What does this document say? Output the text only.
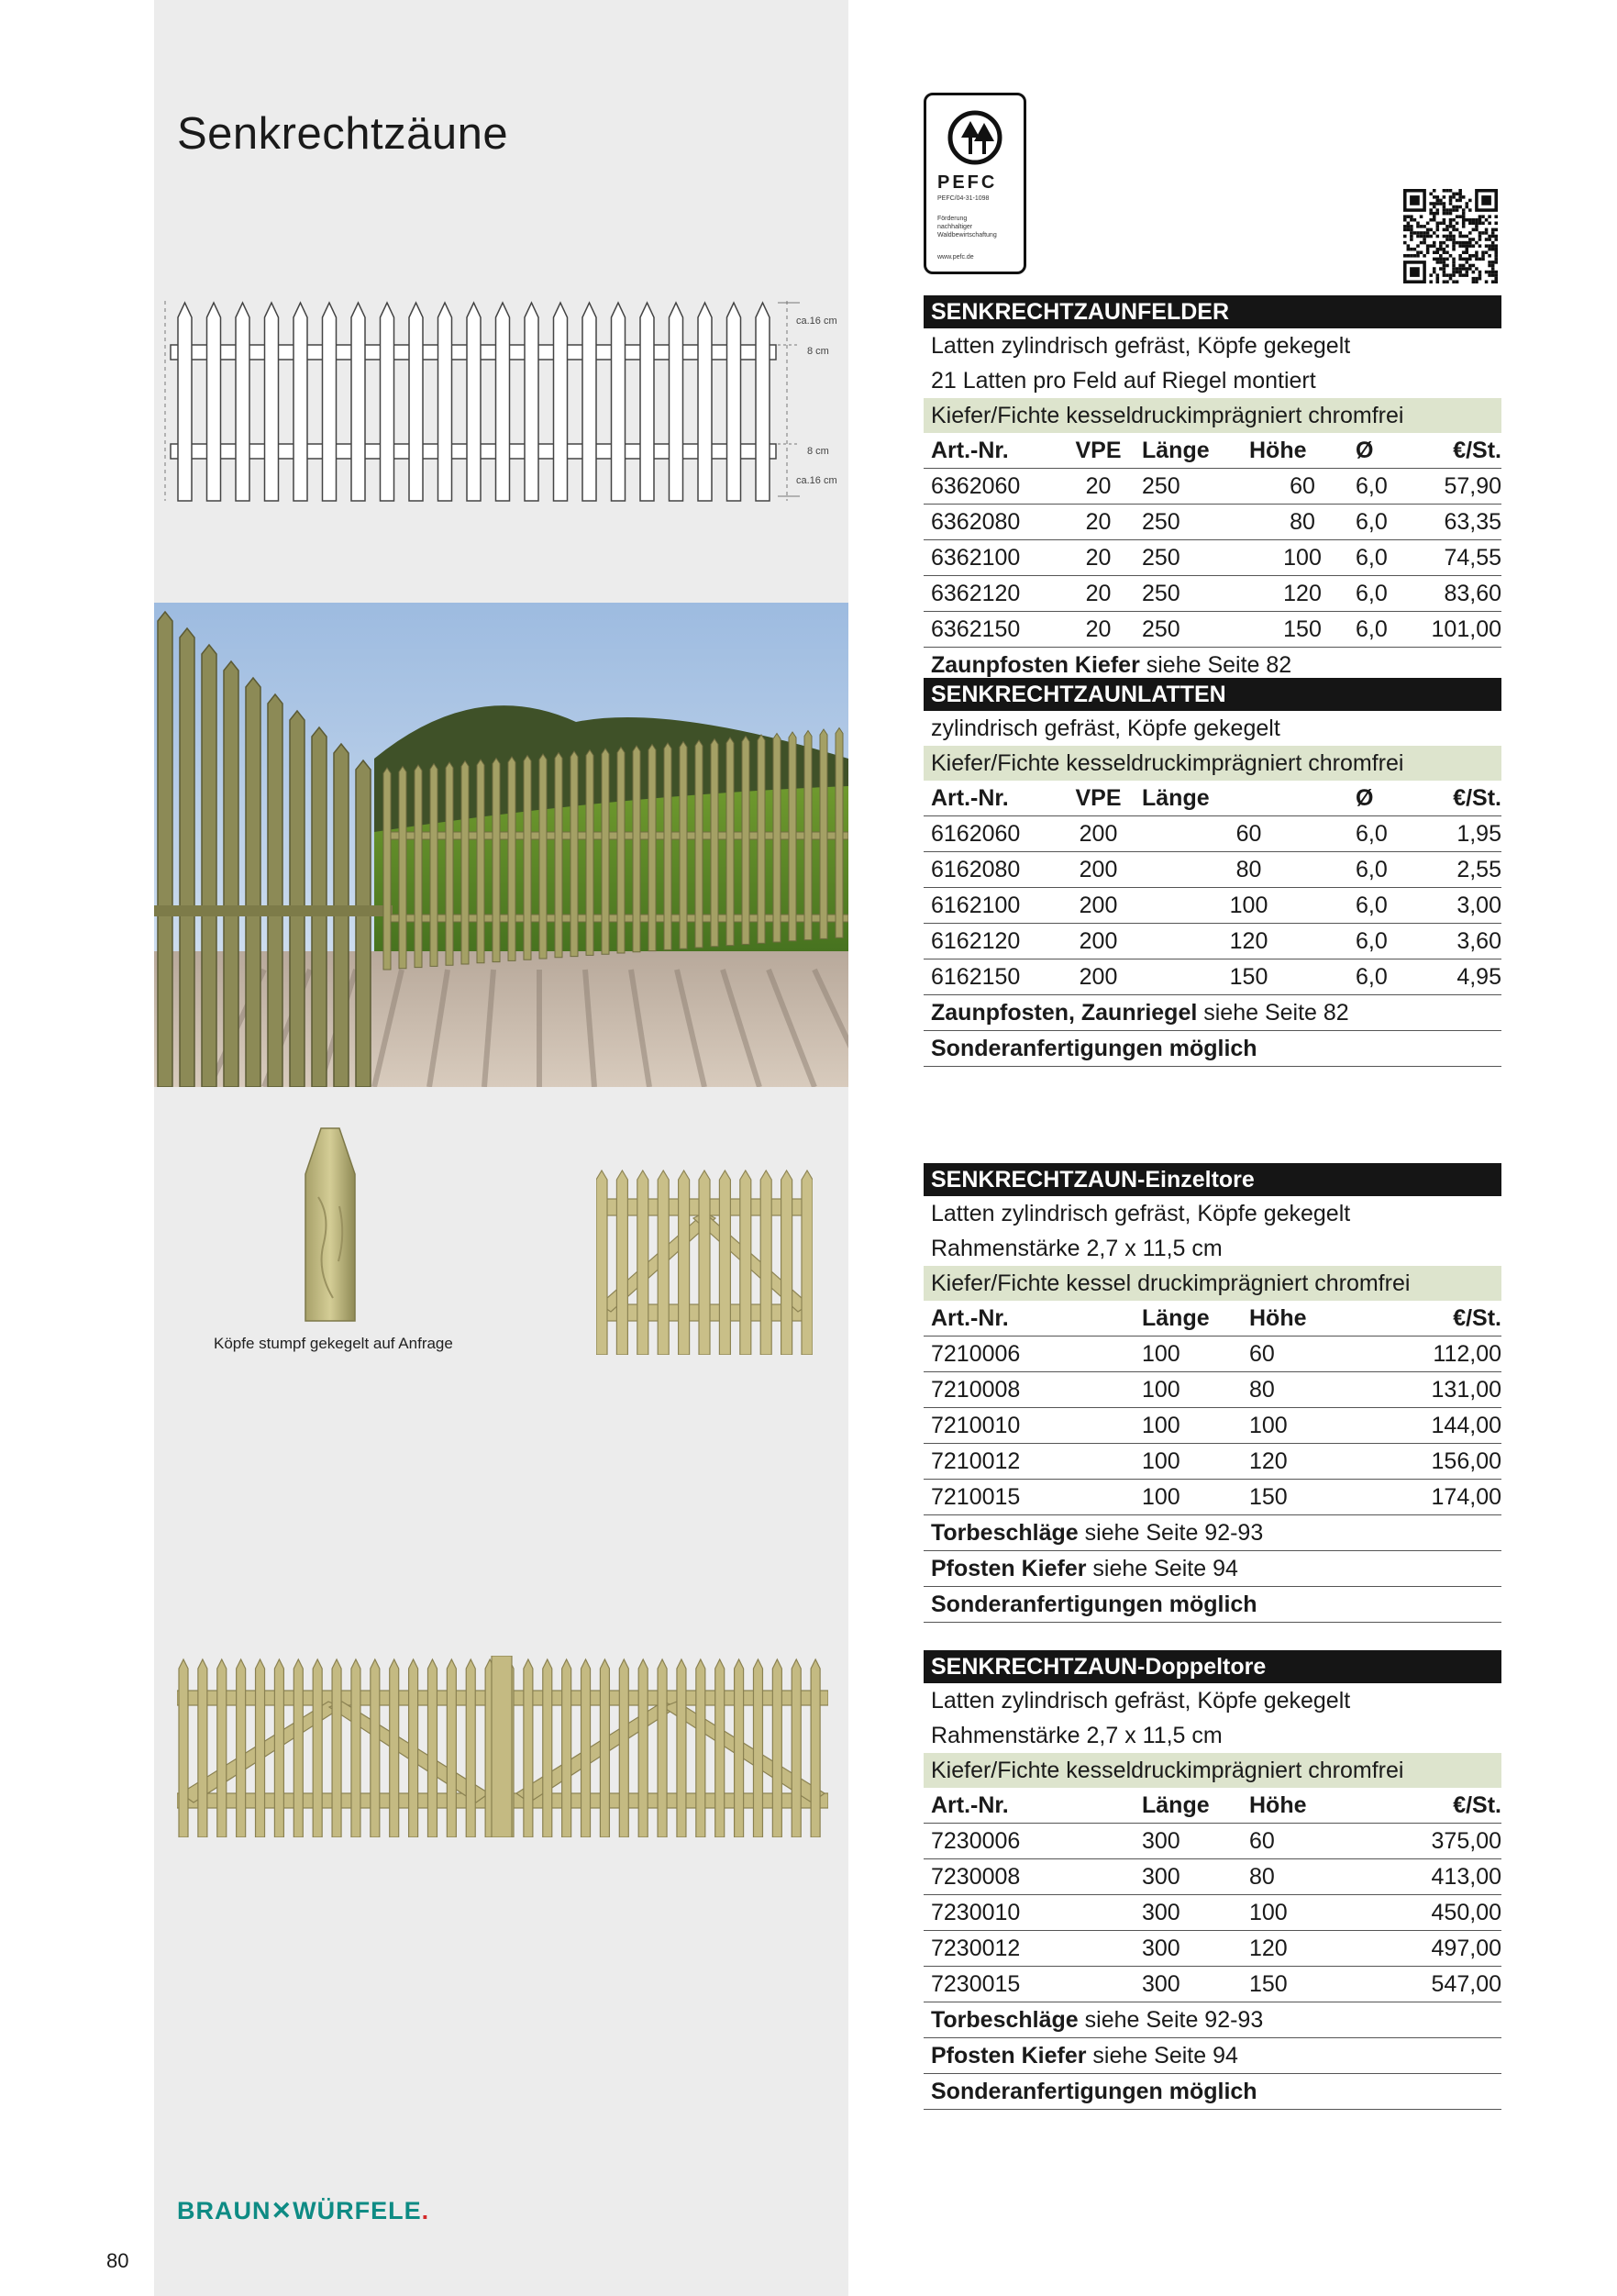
Senkrechtzäune
ca.16 cm
8 cm
8 cm
ca.16 cm
Köpfe stumpf gekegelt auf Anfrage
80
BRAUN✕WÜRFELE.
PEFC
PEFC/04-31-1098
Förderung
nachhaltiger
Waldbewirtschaftung
www.pefc.de
SENKRECHTZAUNFELDER
Latten zylindrisch gefräst, Köpfe gekegelt
21 Latten pro Feld auf Riegel montiert
Kiefer/Fichte kesseldruckimprägniert chromfrei
Art.-Nr.	VPE Länge	Höhe	Ø	€/St.
6362060	20	250	60	6,0	57,90
6362080	20	250	80	6,0	63,35
6362100	20	250	100	6,0	74,55
6362120	20	250	120	6,0	83,60
6362150	20	250	150	6,0	101,00
Zaunpfosten Kiefer siehe Seite 82
SENKRECHTZAUNLATTEN
zylindrisch gefräst, Köpfe gekegelt
Kiefer/Fichte kesseldruckimprägniert chromfrei
Art.-Nr.	VPE Länge	Ø	€/St.
6162060	200	60	6,0	1,95
6162080	200	80	6,0	2,55
6162100	200	100	6,0	3,00
6162120	200	120	6,0	3,60
6162150	200	150	6,0	4,95
Zaunpfosten, Zaunriegel siehe Seite 82
Sonderanfertigungen möglich
SENKRECHTZAUN-Einzeltore
Latten zylindrisch gefräst, Köpfe gekegelt
Rahmenstärke 2,7 x 11,5 cm
Kiefer/Fichte kessel druckimprägniert chromfrei
Art.-Nr.	Länge	Höhe	€/St.
7210006	100	60	112,00
7210008	100	80	131,00
7210010	100	100	144,00
7210012	100	120	156,00
7210015	100	150	174,00
Torbeschläge siehe Seite 92-93
Pfosten Kiefer siehe Seite 94
Sonderanfertigungen möglich
SENKRECHTZAUN-Doppeltore
Latten zylindrisch gefräst, Köpfe gekegelt
Rahmenstärke 2,7 x 11,5 cm
Kiefer/Fichte kesseldruckimprägniert chromfrei
Art.-Nr.	Länge	Höhe	€/St.
7230006	300	60	375,00
7230008	300	80	413,00
7230010	300	100	450,00
7230012	300	120	497,00
7230015	300	150	547,00
Torbeschläge siehe Seite 92-93
Pfosten Kiefer siehe Seite 94
Sonderanfertigungen möglich
